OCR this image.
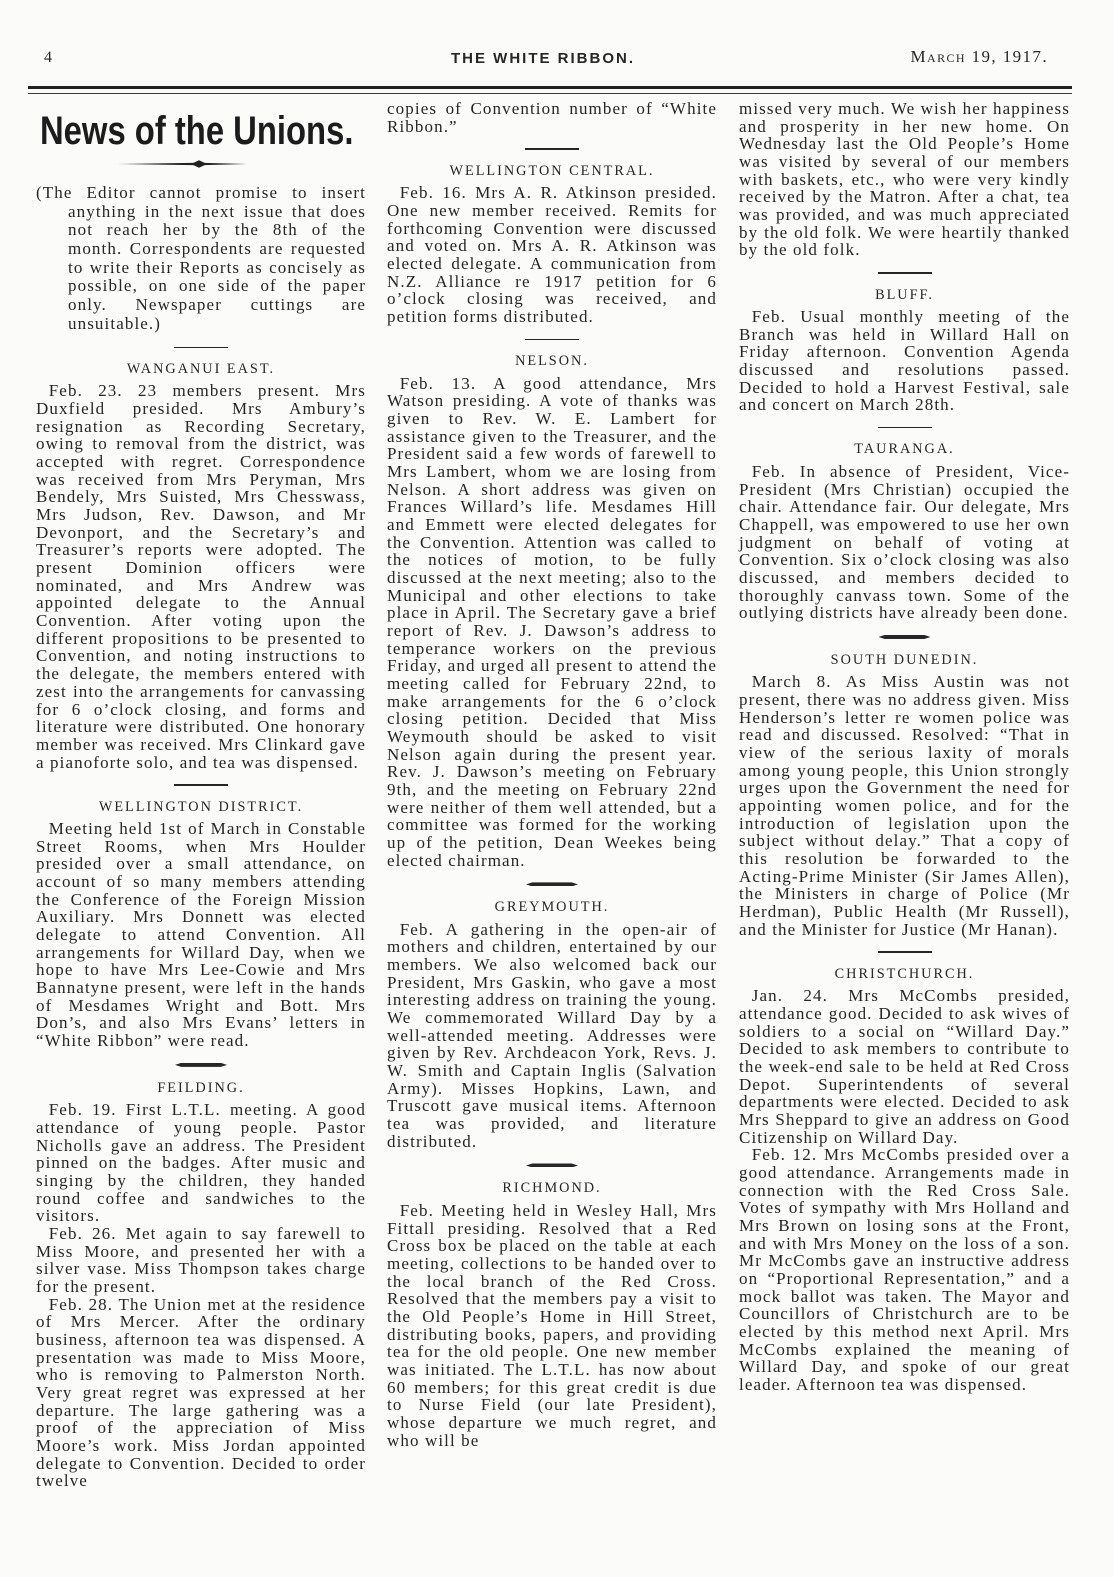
4	THE WHITE RIBBON.	March 19, 1917.
News of the Unions.

(The Editor cannot promise to insert anything in the next issue that does not reach her by the 8th of the month. Correspondents are requested to write their Reports as concisely as possible, on one side of the paper only. Newspaper cuttings are unsuitable.)

WANGANUI EAST.

Feb. 23. 23 members present. Mrs Duxfield presided. Mrs Ambury’s resignation as Recording Secretary, owing to removal from the district, was accepted with regret. Correspondence was received from Mrs Peryman, Mrs Bendely, Mrs Suisted, Mrs Chesswass, Mrs Judson, Rev. Dawson, and Mr Devonport, and the Secretary’s and Treasurer’s reports were adopted. The present Dominion officers were nominated, and Mrs Andrew was appointed delegate to the Annual Convention. After voting upon the different propositions to be presented to Convention, and noting instructions to the delegate, the members entered with zest into the arrangements for canvassing for 6 o’clock closing, and forms and literature were distributed. One honorary member was received. Mrs Clinkard gave a pianoforte solo, and tea was dispensed.

WELLINGTON DISTRICT.

Meeting held 1st of March in Constable Street Rooms, when Mrs Houlder presided over a small attendance, on account of so many members attending the Conference of the Foreign Mission Auxiliary. Mrs Donnett was elected delegate to attend Convention. All arrangements for Willard Day, when we hope to have Mrs Lee-Cowie and Mrs Bannatyne present, were left in the hands of Mesdames Wright and Bott. Mrs Don’s, and also Mrs Evans’ letters in “White Ribbon” were read.

FEILDING.

Feb. 19. First L.T.L. meeting. A good attendance of young people. Pastor Nicholls gave an address. The President pinned on the badges. After music and singing by the children, they handed round coffee and sandwiches to the visitors.

Feb. 26. Met again to say farewell to Miss Moore, and presented her with a silver vase. Miss Thompson takes charge for the present.

Feb. 28. The Union met at the residence of Mrs Mercer. After the ordinary business, afternoon tea was dispensed. A presentation was made to Miss Moore, who is removing to Palmerston North. Very great regret was expressed at her departure. The large gathering was a proof of the appreciation of Miss Moore’s work. Miss Jordan appointed delegate to Convention. Decided to order twelve

copies of Convention number of “White Ribbon.”

WELLINGTON CENTRAL.

Feb. 16. Mrs A. R. Atkinson presided. One new member received. Remits for forthcoming Convention were discussed and voted on. Mrs A. R. Atkinson was elected delegate. A communication from N.Z. Alliance re 1917 petition for 6 o’clock closing was received, and petition forms distributed.

NELSON.

Feb. 13. A good attendance, Mrs Watson presiding. A vote of thanks was given to Rev. W. E. Lambert for assistance given to the Treasurer, and the President said a few words of farewell to Mrs Lambert, whom we are losing from Nelson. A short address was given on Frances Willard’s life. Mesdames Hill and Emmett were elected delegates for the Convention. Attention was called to the notices of motion, to be fully discussed at the next meeting; also to the Municipal and other elections to take place in April. The Secretary gave a brief report of Rev. J. Dawson’s address to temperance workers on the previous Friday, and urged all present to attend the meeting called for February 22nd, to make arrangements for the 6 o’clock closing petition. Decided that Miss Weymouth should be asked to visit Nelson again during the present year. Rev. J. Dawson’s meeting on February 9th, and the meeting on February 22nd were neither of them well attended, but a committee was formed for the working up of the petition, Dean Weekes being elected chairman.

GREYMOUTH.

Feb. A gathering in the open-air of mothers and children, entertained by our members. We also welcomed back our President, Mrs Gaskin, who gave a most interesting address on training the young. We commemorated Willard Day by a well-attended meeting. Addresses were given by Rev. Archdeacon York, Revs. J. W. Smith and Captain Inglis (Salvation Army). Misses Hopkins, Lawn, and Truscott gave musical items. Afternoon tea was provided, and literature distributed.

RICHMOND.

Feb. Meeting held in Wesley Hall, Mrs Fittall presiding. Resolved that a Red Cross box be placed on the table at each meeting, collections to be handed over to the local branch of the Red Cross. Resolved that the members pay a visit to the Old People’s Home in Hill Street, distributing books, papers, and providing tea for the old people. One new member was initiated. The L.T.L. has now about 60 members; for this great credit is due to Nurse Field (our late President), whose departure we much regret, and who will be

missed very much. We wish her happiness and prosperity in her new home. On Wednesday last the Old People’s Home was visited by several of our members with baskets, etc., who were very kindly received by the Matron. After a chat, tea was provided, and was much appreciated by the old folk. We were heartily thanked by the old folk.

BLUFF.

Feb. Usual monthly meeting of the Branch was held in Willard Hall on Friday afternoon. Convention Agenda discussed and resolutions passed. Decided to hold a Harvest Festival, sale and concert on March 28th.

TAURANGA.

Feb. In absence of President, Vice-President (Mrs Christian) occupied the chair. Attendance fair. Our delegate, Mrs Chappell, was empowered to use her own judgment on behalf of voting at Convention. Six o’clock closing was also discussed, and members decided to thoroughly canvass town. Some of the outlying districts have already been done.

SOUTH DUNEDIN.

March 8. As Miss Austin was not present, there was no address given. Miss Henderson’s letter re women police was read and discussed. Resolved: “That in view of the serious laxity of morals among young people, this Union strongly urges upon the Government the need for appointing women police, and for the introduction of legislation upon the subject without delay.” That a copy of this resolution be forwarded to the Acting-Prime Minister (Sir James Allen), the Ministers in charge of Police (Mr Herdman), Public Health (Mr Russell), and the Minister for Justice (Mr Hanan).

CHRISTCHURCH.

Jan. 24. Mrs McCombs presided, attendance good. Decided to ask wives of soldiers to a social on “Willard Day.” Decided to ask members to contribute to the week-end sale to be held at Red Cross Depot. Superintendents of several departments were elected. Decided to ask Mrs Sheppard to give an address on Good Citizenship on Willard Day.

Feb. 12. Mrs McCombs presided over a good attendance. Arrangements made in connection with the Red Cross Sale. Votes of sympathy with Mrs Holland and Mrs Brown on losing sons at the Front, and with Mrs Money on the loss of a son. Mr McCombs gave an instructive address on “Proportional Representation,” and a mock ballot was taken. The Mayor and Councillors of Christchurch are to be elected by this method next April. Mrs McCombs explained the meaning of Willard Day, and spoke of our great leader. Afternoon tea was dispensed.
